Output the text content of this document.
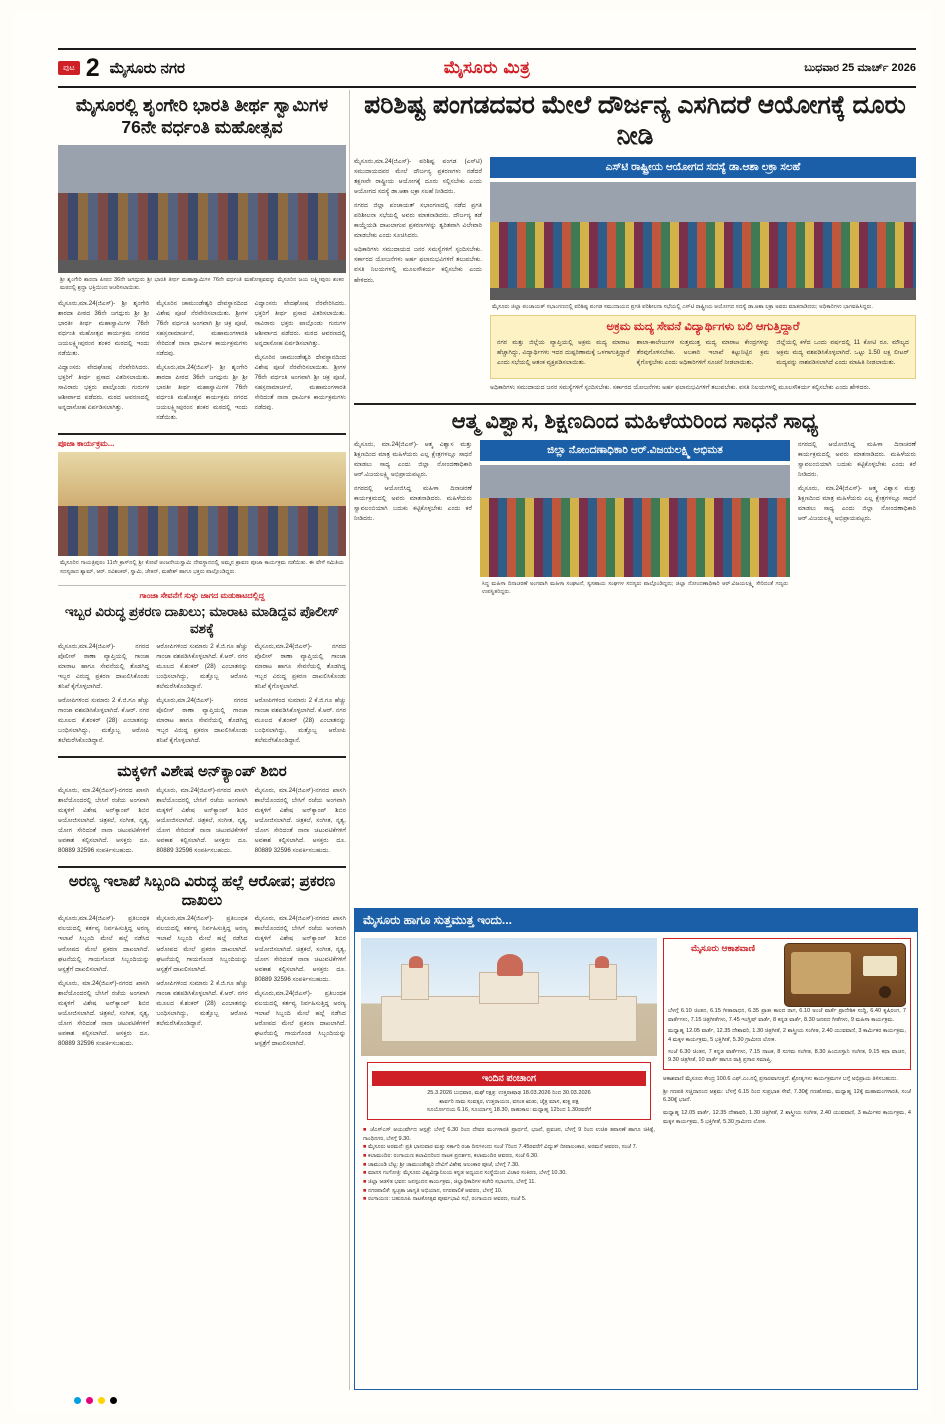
ಪುಟ 2 ಮೈಸೂರು ನಗರ	ಮೈಸೂರು ಮಿತ್ರ	ಬುಧವಾರ 25 ಮಾರ್ಚ್ 2026
ಮೈಸೂರಲ್ಲಿ ಶೃಂಗೇರಿ ಭಾರತಿ ತೀರ್ಥ ಸ್ವಾಮಿಗಳ 76ನೇ ವರ್ಧಂತಿ ಮಹೋತ್ಸವ
ಶ್ರೀ ಶೃಂಗೇರಿ ಶಾರದಾ ಪೀಠದ 36ನೇ ಜಗದ್ಗುರು ಶ್ರೀ ಭಾರತಿ ತೀರ್ಥ ಮಹಾಸ್ವಾಮಿಗಳ 76ನೇ ವರ್ಧಂತಿ ಮಹೋತ್ಸವವನ್ನು ಮೈಸೂರಿನ ಜಯ ಲಕ್ಷ್ಮೀಪುರಂ ಶಂಕರ ಮಠದಲ್ಲಿ ಶ್ರದ್ಧಾ ಭಕ್ತಿಯಿಂದ ಆಚರಿಸಲಾಯಿತು.

ಮೈಸೂರು,ಮಾ.24(ಜಿಎಸ್)- ಶ್ರೀ ಶೃಂಗೇರಿ ಶಾರದಾ ಪೀಠದ 36ನೇ ಜಗದ್ಗುರು ಶ್ರೀ ಶ್ರೀ ಭಾರತೀ ತೀರ್ಥ ಮಹಾಸ್ವಾಮಿಗಳ 76ನೇ ವರ್ಧಂತಿ ಮಹೋತ್ಸವ ಕಾರ್ಯಕ್ರಮ ನಗರದ ಜಯಲಕ್ಷ್ಮೀಪುರಂನ ಶಂಕರ ಮಠದಲ್ಲಿ ಇಂದು ನಡೆಯಿತು.

ವಿದ್ವಾಂಸರು ವೇದಘೋಷ ನೆರವೇರಿಸಿದರು. ಭಕ್ತರಿಗೆ ತೀರ್ಥ ಪ್ರಸಾದ ವಿತರಿಸಲಾಯಿತು. ಸಾವಿರಾರು ಭಕ್ತರು ಪಾಲ್ಗೊಂಡು ಗುರುಗಳ ಆಶೀರ್ವಾದ ಪಡೆದರು. ಮಠದ ಆವರಣದಲ್ಲಿ ಅನ್ನದಾಸೋಹ ಏರ್ಪಡಿಸಲಾಗಿತ್ತು.

ಮೈಸೂರಿನ ಚಾಮುಂಡೇಶ್ವರಿ ದೇವಸ್ಥಾನದಿಂದ ವಿಶೇಷ ಪೂಜೆ ನೆರವೇರಿಸಲಾಯಿತು. ಶ್ರೀಗಳ 76ನೇ ವರ್ಧಂತಿ ಅಂಗವಾಗಿ ಶ್ರೀ ಚಕ್ರ ಪೂಜೆ, ಸಹಸ್ರನಾಮಾರ್ಚನೆ, ಮಹಾಮಂಗಳಾರತಿ ಸೇರಿದಂತೆ ನಾನಾ ಧಾರ್ಮಿಕ ಕಾರ್ಯಕ್ರಮಗಳು ನಡೆದವು.

ಮೈಸೂರು,ಮಾ.24(ಜಿಎಸ್)- ಶ್ರೀ ಶೃಂಗೇರಿ ಶಾರದಾ ಪೀಠದ 36ನೇ ಜಗದ್ಗುರು ಶ್ರೀ ಶ್ರೀ ಭಾರತೀ ತೀರ್ಥ ಮಹಾಸ್ವಾಮಿಗಳ 76ನೇ ವರ್ಧಂತಿ ಮಹೋತ್ಸವ ಕಾರ್ಯಕ್ರಮ ನಗರದ ಜಯಲಕ್ಷ್ಮೀಪುರಂನ ಶಂಕರ ಮಠದಲ್ಲಿ ಇಂದು ನಡೆಯಿತು.

ವಿದ್ವಾಂಸರು ವೇದಘೋಷ ನೆರವೇರಿಸಿದರು. ಭಕ್ತರಿಗೆ ತೀರ್ಥ ಪ್ರಸಾದ ವಿತರಿಸಲಾಯಿತು. ಸಾವಿರಾರು ಭಕ್ತರು ಪಾಲ್ಗೊಂಡು ಗುರುಗಳ ಆಶೀರ್ವಾದ ಪಡೆದರು. ಮಠದ ಆವರಣದಲ್ಲಿ ಅನ್ನದಾಸೋಹ ಏರ್ಪಡಿಸಲಾಗಿತ್ತು.

ಮೈಸೂರಿನ ಚಾಮುಂಡೇಶ್ವರಿ ದೇವಸ್ಥಾನದಿಂದ ವಿಶೇಷ ಪೂಜೆ ನೆರವೇರಿಸಲಾಯಿತು. ಶ್ರೀಗಳ 76ನೇ ವರ್ಧಂತಿ ಅಂಗವಾಗಿ ಶ್ರೀ ಚಕ್ರ ಪೂಜೆ, ಸಹಸ್ರನಾಮಾರ್ಚನೆ, ಮಹಾಮಂಗಳಾರತಿ ಸೇರಿದಂತೆ ನಾನಾ ಧಾರ್ಮಿಕ ಕಾರ್ಯಕ್ರಮಗಳು ನಡೆದವು.

ಪೂಜಾ ಕಾರ್ಯಕ್ರಮ...
ಮೈಸೂರಿನ ಗಾಯತ್ರಿಪುರಂ 11ನೇ ಕ್ರಾಸ್‌ನಲ್ಲಿ ಶ್ರೀ ಕೋಟೆ ಆಂಜನೇಯಸ್ವಾಮಿ ದೇವಸ್ಥಾನದಲ್ಲಿ ಅಮ್ಮನ ಶ್ರಾವಣ ಪೂಜಾ ಕಾರ್ಯಕ್ರಮ ನಡೆಯಿತು. ಈ ವೇಳೆ ಸಮಿತಿಯ ಸದಸ್ಯರಾದ ಶ್ಯಾಮ್, ಆರ್. ರವಿಶಂಕರ್, ಸ್ವಾಮಿ, ಚೇತನ್, ಮಹೇಶ್ ಹಾಗೂ ಭಕ್ತರು ಪಾಲ್ಗೊಂಡಿದ್ದರು.
ಗಾಂಜಾ ಸೇವನೆಗೆ ಸುಳ್ಳು ಜಾಗದ ಮಡುಕಾಟದಲ್ಲಿದ್ದ
ಇಬ್ಬರ ವಿರುದ್ಧ ಪ್ರಕರಣ ದಾಖಲು; ಮಾರಾಟ ಮಾಡಿದ್ದವ ಪೊಲೀಸ್ ವಶಕ್ಕೆ

ಮೈಸೂರು,ಮಾ.24(ಜಿಎಸ್)- ನಗರದ ಪೊಲೀಸ್ ಠಾಣಾ ವ್ಯಾಪ್ತಿಯಲ್ಲಿ ಗಾಂಜಾ ಮಾರಾಟ ಹಾಗೂ ಸೇವನೆಯಲ್ಲಿ ತೊಡಗಿದ್ದ ಇಬ್ಬರ ವಿರುದ್ಧ ಪ್ರಕರಣ ದಾಖಲಿಸಿಕೊಂಡು ತನಿಖೆ ಕೈಗೊಳ್ಳಲಾಗಿದೆ.

ಆರೋಪಿಗಳಿಂದ ಸುಮಾರು 2 ಕೆ.ಜಿ.ಗೂ ಹೆಚ್ಚು ಗಾಂಜಾ ವಶಪಡಿಸಿಕೊಳ್ಳಲಾಗಿದೆ. ಕೆ.ಆರ್. ನಗರ ಮೂಲದ ಕೆ.ಶಂಕರ್ (28) ಎಂಬಾತನನ್ನು ಬಂಧಿಸಲಾಗಿದ್ದು, ಮತ್ತೊಬ್ಬ ಆರೋಪಿ ತಲೆಮರೆಸಿಕೊಂಡಿದ್ದಾನೆ.

ಆರೋಪಿಗಳಿಂದ ಸುಮಾರು 2 ಕೆ.ಜಿ.ಗೂ ಹೆಚ್ಚು ಗಾಂಜಾ ವಶಪಡಿಸಿಕೊಳ್ಳಲಾಗಿದೆ. ಕೆ.ಆರ್. ನಗರ ಮೂಲದ ಕೆ.ಶಂಕರ್ (28) ಎಂಬಾತನನ್ನು ಬಂಧಿಸಲಾಗಿದ್ದು, ಮತ್ತೊಬ್ಬ ಆರೋಪಿ ತಲೆಮರೆಸಿಕೊಂಡಿದ್ದಾನೆ.

ಮೈಸೂರು,ಮಾ.24(ಜಿಎಸ್)- ನಗರದ ಪೊಲೀಸ್ ಠಾಣಾ ವ್ಯಾಪ್ತಿಯಲ್ಲಿ ಗಾಂಜಾ ಮಾರಾಟ ಹಾಗೂ ಸೇವನೆಯಲ್ಲಿ ತೊಡಗಿದ್ದ ಇಬ್ಬರ ವಿರುದ್ಧ ಪ್ರಕರಣ ದಾಖಲಿಸಿಕೊಂಡು ತನಿಖೆ ಕೈಗೊಳ್ಳಲಾಗಿದೆ.

ಮೈಸೂರು,ಮಾ.24(ಜಿಎಸ್)- ನಗರದ ಪೊಲೀಸ್ ಠಾಣಾ ವ್ಯಾಪ್ತಿಯಲ್ಲಿ ಗಾಂಜಾ ಮಾರಾಟ ಹಾಗೂ ಸೇವನೆಯಲ್ಲಿ ತೊಡಗಿದ್ದ ಇಬ್ಬರ ವಿರುದ್ಧ ಪ್ರಕರಣ ದಾಖಲಿಸಿಕೊಂಡು ತನಿಖೆ ಕೈಗೊಳ್ಳಲಾಗಿದೆ.

ಆರೋಪಿಗಳಿಂದ ಸುಮಾರು 2 ಕೆ.ಜಿ.ಗೂ ಹೆಚ್ಚು ಗಾಂಜಾ ವಶಪಡಿಸಿಕೊಳ್ಳಲಾಗಿದೆ. ಕೆ.ಆರ್. ನಗರ ಮೂಲದ ಕೆ.ಶಂಕರ್ (28) ಎಂಬಾತನನ್ನು ಬಂಧಿಸಲಾಗಿದ್ದು, ಮತ್ತೊಬ್ಬ ಆರೋಪಿ ತಲೆಮರೆಸಿಕೊಂಡಿದ್ದಾನೆ.

ಮಕ್ಕಳಿಗೆ ವಿಶೇಷ ಅನ್‌ಕ್ಯಾಂಪ್ ಶಿಬಿರ

ಮೈಸೂರು, ಮಾ.24(ಜಿಎಸ್)-ನಗರದ ಖಾಸಗಿ ಶಾಲೆಯೊಂದರಲ್ಲಿ ಬೇಸಿಗೆ ರಜೆಯ ಅಂಗವಾಗಿ ಮಕ್ಕಳಿಗೆ ವಿಶೇಷ ಅನ್‌ಕ್ಯಾಂಪ್ ಶಿಬಿರ ಆಯೋಜಿಸಲಾಗಿದೆ. ಚಿತ್ರಕಲೆ, ಸಂಗೀತ, ನೃತ್ಯ, ಯೋಗ ಸೇರಿದಂತೆ ನಾನಾ ಚಟುವಟಿಕೆಗಳಿಗೆ ಅವಕಾಶ ಕಲ್ಪಿಸಲಾಗಿದೆ. ಆಸಕ್ತರು ದೂ. 80889 32596 ಸಂಪರ್ಕಿಸಬಹುದು.

ಮೈಸೂರು, ಮಾ.24(ಜಿಎಸ್)-ನಗರದ ಖಾಸಗಿ ಶಾಲೆಯೊಂದರಲ್ಲಿ ಬೇಸಿಗೆ ರಜೆಯ ಅಂಗವಾಗಿ ಮಕ್ಕಳಿಗೆ ವಿಶೇಷ ಅನ್‌ಕ್ಯಾಂಪ್ ಶಿಬಿರ ಆಯೋಜಿಸಲಾಗಿದೆ. ಚಿತ್ರಕಲೆ, ಸಂಗೀತ, ನೃತ್ಯ, ಯೋಗ ಸೇರಿದಂತೆ ನಾನಾ ಚಟುವಟಿಕೆಗಳಿಗೆ ಅವಕಾಶ ಕಲ್ಪಿಸಲಾಗಿದೆ. ಆಸಕ್ತರು ದೂ. 80889 32596 ಸಂಪರ್ಕಿಸಬಹುದು.

ಮೈಸೂರು, ಮಾ.24(ಜಿಎಸ್)-ನಗರದ ಖಾಸಗಿ ಶಾಲೆಯೊಂದರಲ್ಲಿ ಬೇಸಿಗೆ ರಜೆಯ ಅಂಗವಾಗಿ ಮಕ್ಕಳಿಗೆ ವಿಶೇಷ ಅನ್‌ಕ್ಯಾಂಪ್ ಶಿಬಿರ ಆಯೋಜಿಸಲಾಗಿದೆ. ಚಿತ್ರಕಲೆ, ಸಂಗೀತ, ನೃತ್ಯ, ಯೋಗ ಸೇರಿದಂತೆ ನಾನಾ ಚಟುವಟಿಕೆಗಳಿಗೆ ಅವಕಾಶ ಕಲ್ಪಿಸಲಾಗಿದೆ. ಆಸಕ್ತರು ದೂ. 80889 32596 ಸಂಪರ್ಕಿಸಬಹುದು.

ಅರಣ್ಯ ಇಲಾಖೆ ಸಿಬ್ಬಂದಿ ವಿರುದ್ಧ ಹಲ್ಲೆ ಆರೋಪ; ಪ್ರಕರಣ ದಾಖಲು

ಮೈಸೂರು,ಮಾ.24(ಜಿಎಸ್)- ಪ್ರತಿಬಂಧಕ ವಲಯದಲ್ಲಿ ಕರ್ತವ್ಯ ನಿರ್ವಹಿಸುತ್ತಿದ್ದ ಅರಣ್ಯ ಇಲಾಖೆ ಸಿಬ್ಬಂದಿ ಮೇಲೆ ಹಲ್ಲೆ ನಡೆಸಿದ ಆರೋಪದ ಮೇಲೆ ಪ್ರಕರಣ ದಾಖಲಾಗಿದೆ. ಘಟನೆಯಲ್ಲಿ ಗಾಯಗೊಂಡ ಸಿಬ್ಬಂದಿಯನ್ನು ಆಸ್ಪತ್ರೆಗೆ ದಾಖಲಿಸಲಾಗಿದೆ.

ಮೈಸೂರು, ಮಾ.24(ಜಿಎಸ್)-ನಗರದ ಖಾಸಗಿ ಶಾಲೆಯೊಂದರಲ್ಲಿ ಬೇಸಿಗೆ ರಜೆಯ ಅಂಗವಾಗಿ ಮಕ್ಕಳಿಗೆ ವಿಶೇಷ ಅನ್‌ಕ್ಯಾಂಪ್ ಶಿಬಿರ ಆಯೋಜಿಸಲಾಗಿದೆ. ಚಿತ್ರಕಲೆ, ಸಂಗೀತ, ನೃತ್ಯ, ಯೋಗ ಸೇರಿದಂತೆ ನಾನಾ ಚಟುವಟಿಕೆಗಳಿಗೆ ಅವಕಾಶ ಕಲ್ಪಿಸಲಾಗಿದೆ. ಆಸಕ್ತರು ದೂ. 80889 32596 ಸಂಪರ್ಕಿಸಬಹುದು.

ಮೈಸೂರು,ಮಾ.24(ಜಿಎಸ್)- ಪ್ರತಿಬಂಧಕ ವಲಯದಲ್ಲಿ ಕರ್ತವ್ಯ ನಿರ್ವಹಿಸುತ್ತಿದ್ದ ಅರಣ್ಯ ಇಲಾಖೆ ಸಿಬ್ಬಂದಿ ಮೇಲೆ ಹಲ್ಲೆ ನಡೆಸಿದ ಆರೋಪದ ಮೇಲೆ ಪ್ರಕರಣ ದಾಖಲಾಗಿದೆ. ಘಟನೆಯಲ್ಲಿ ಗಾಯಗೊಂಡ ಸಿಬ್ಬಂದಿಯನ್ನು ಆಸ್ಪತ್ರೆಗೆ ದಾಖಲಿಸಲಾಗಿದೆ.

ಆರೋಪಿಗಳಿಂದ ಸುಮಾರು 2 ಕೆ.ಜಿ.ಗೂ ಹೆಚ್ಚು ಗಾಂಜಾ ವಶಪಡಿಸಿಕೊಳ್ಳಲಾಗಿದೆ. ಕೆ.ಆರ್. ನಗರ ಮೂಲದ ಕೆ.ಶಂಕರ್ (28) ಎಂಬಾತನನ್ನು ಬಂಧಿಸಲಾಗಿದ್ದು, ಮತ್ತೊಬ್ಬ ಆರೋಪಿ ತಲೆಮರೆಸಿಕೊಂಡಿದ್ದಾನೆ.

ಮೈಸೂರು, ಮಾ.24(ಜಿಎಸ್)-ನಗರದ ಖಾಸಗಿ ಶಾಲೆಯೊಂದರಲ್ಲಿ ಬೇಸಿಗೆ ರಜೆಯ ಅಂಗವಾಗಿ ಮಕ್ಕಳಿಗೆ ವಿಶೇಷ ಅನ್‌ಕ್ಯಾಂಪ್ ಶಿಬಿರ ಆಯೋಜಿಸಲಾಗಿದೆ. ಚಿತ್ರಕಲೆ, ಸಂಗೀತ, ನೃತ್ಯ, ಯೋಗ ಸೇರಿದಂತೆ ನಾನಾ ಚಟುವಟಿಕೆಗಳಿಗೆ ಅವಕಾಶ ಕಲ್ಪಿಸಲಾಗಿದೆ. ಆಸಕ್ತರು ದೂ. 80889 32596 ಸಂಪರ್ಕಿಸಬಹುದು.

ಮೈಸೂರು,ಮಾ.24(ಜಿಎಸ್)- ಪ್ರತಿಬಂಧಕ ವಲಯದಲ್ಲಿ ಕರ್ತವ್ಯ ನಿರ್ವಹಿಸುತ್ತಿದ್ದ ಅರಣ್ಯ ಇಲಾಖೆ ಸಿಬ್ಬಂದಿ ಮೇಲೆ ಹಲ್ಲೆ ನಡೆಸಿದ ಆರೋಪದ ಮೇಲೆ ಪ್ರಕರಣ ದಾಖಲಾಗಿದೆ. ಘಟನೆಯಲ್ಲಿ ಗಾಯಗೊಂಡ ಸಿಬ್ಬಂದಿಯನ್ನು ಆಸ್ಪತ್ರೆಗೆ ದಾಖಲಿಸಲಾಗಿದೆ.

ಪರಿಶಿಷ್ಟ ಪಂಗಡದವರ ಮೇಲೆ ದೌರ್ಜನ್ಯ ಎಸಗಿದರೆ ಆಯೋಗಕ್ಕೆ ದೂರು ನೀಡಿ

ಮೈಸೂರು,ಮಾ.24(ಜಿಎಸ್)- ಪರಿಶಿಷ್ಟ ಪಂಗಡ (ಎಸ್‌ಟಿ) ಸಮುದಾಯದವರ ಮೇಲೆ ದೌರ್ಜನ್ಯ ಪ್ರಕರಣಗಳು ನಡೆದರೆ ತಕ್ಷಣವೇ ರಾಷ್ಟ್ರೀಯ ಆಯೋಗಕ್ಕೆ ದೂರು ಸಲ್ಲಿಸಬೇಕು ಎಂದು ಆಯೋಗದ ಸದಸ್ಯೆ ಡಾ.ಆಶಾ ಲಕ್ರಾ ಸಲಹೆ ನೀಡಿದರು.

ನಗರದ ಜಿಲ್ಲಾ ಪಂಚಾಯತ್ ಸಭಾಂಗಣದಲ್ಲಿ ನಡೆದ ಪ್ರಗತಿ ಪರಿಶೀಲನಾ ಸಭೆಯಲ್ಲಿ ಅವರು ಮಾತನಾಡಿದರು. ದೌರ್ಜನ್ಯ ತಡೆ ಕಾಯ್ದೆಯಡಿ ದಾಖಲಾಗುವ ಪ್ರಕರಣಗಳನ್ನು ತ್ವರಿತವಾಗಿ ವಿಲೇವಾರಿ ಮಾಡಬೇಕು ಎಂದು ಸೂಚಿಸಿದರು.

ಅಧಿಕಾರಿಗಳು ಸಮುದಾಯದ ಜನರ ಸಮಸ್ಯೆಗಳಿಗೆ ಸ್ಪಂದಿಸಬೇಕು. ಸರ್ಕಾರದ ಯೋಜನೆಗಳು ಅರ್ಹ ಫಲಾನುಭವಿಗಳಿಗೆ ತಲುಪಬೇಕು. ವಸತಿ ನಿಲಯಗಳಲ್ಲಿ ಮೂಲಸೌಕರ್ಯ ಕಲ್ಪಿಸಬೇಕು ಎಂದು ಹೇಳಿದರು.

ಎಸ್‌ಟಿ ರಾಷ್ಟ್ರೀಯ ಆಯೋಗದ ಸದಸ್ಯೆ ಡಾ.ಆಶಾ ಲಕ್ರಾ ಸಲಹೆ
ಮೈಸೂರು ಜಿಲ್ಲಾ ಪಂಚಾಯತ್ ಸಭಾಂಗಣದಲ್ಲಿ ಪರಿಶಿಷ್ಟ ಪಂಗಡ ಸಮುದಾಯದ ಪ್ರಗತಿ ಪರಿಶೀಲನಾ ಸಭೆಯಲ್ಲಿ ಎಸ್‌ಟಿ ರಾಷ್ಟ್ರೀಯ ಆಯೋಗದ ಸದಸ್ಯೆ ಡಾ.ಆಶಾ ಲಕ್ರಾ ಅವರು ಮಾತನಾಡಿದರು; ಅಧಿಕಾರಿಗಳು ಭಾಗವಹಿಸಿದ್ದರು.
ಅಕ್ರಮ ಮದ್ಯ ಸೇವನೆ ವಿದ್ಯಾರ್ಥಿಗಳು ಬಲಿ ಆಗುತ್ತಿದ್ದಾರೆ

ನಗರ ಮತ್ತು ಜಿಲ್ಲೆಯ ವ್ಯಾಪ್ತಿಯಲ್ಲಿ ಅಕ್ರಮ ಮದ್ಯ ಮಾರಾಟ ಹೆಚ್ಚಾಗಿದ್ದು, ವಿದ್ಯಾರ್ಥಿಗಳು ಇದರ ದುಷ್ಪರಿಣಾಮಕ್ಕೆ ಒಳಗಾಗುತ್ತಿದ್ದಾರೆ ಎಂದು ಸಭೆಯಲ್ಲಿ ಆತಂಕ ವ್ಯಕ್ತಪಡಿಸಲಾಯಿತು.

ಶಾಲಾ-ಕಾಲೇಜುಗಳ ಸುತ್ತಮುತ್ತ ಮದ್ಯ ಮಾರಾಟ ಕೇಂದ್ರಗಳನ್ನು ತೆರವುಗೊಳಿಸಬೇಕು. ಅಬಕಾರಿ ಇಲಾಖೆ ಕಟ್ಟುನಿಟ್ಟಿನ ಕ್ರಮ ಕೈಗೊಳ್ಳಬೇಕು ಎಂದು ಅಧಿಕಾರಿಗಳಿಗೆ ಸೂಚನೆ ನೀಡಲಾಯಿತು.

ಜಿಲ್ಲೆಯಲ್ಲಿ ಕಳೆದ ಒಂದು ವರ್ಷದಲ್ಲಿ 11 ಕೋಟಿ ರೂ. ಮೌಲ್ಯದ ಅಕ್ರಮ ಮದ್ಯ ವಶಪಡಿಸಿಕೊಳ್ಳಲಾಗಿದೆ. ಒಟ್ಟು 1.50 ಲಕ್ಷ ಲೀಟರ್ ಮದ್ಯವನ್ನು ನಾಶಪಡಿಸಲಾಗಿದೆ ಎಂದು ಮಾಹಿತಿ ನೀಡಲಾಯಿತು.

ಅಧಿಕಾರಿಗಳು ಸಮುದಾಯದ ಜನರ ಸಮಸ್ಯೆಗಳಿಗೆ ಸ್ಪಂದಿಸಬೇಕು. ಸರ್ಕಾರದ ಯೋಜನೆಗಳು ಅರ್ಹ ಫಲಾನುಭವಿಗಳಿಗೆ ತಲುಪಬೇಕು. ವಸತಿ ನಿಲಯಗಳಲ್ಲಿ ಮೂಲಸೌಕರ್ಯ ಕಲ್ಪಿಸಬೇಕು ಎಂದು ಹೇಳಿದರು.

ಆತ್ಮ ವಿಶ್ವಾಸ, ಶಿಕ್ಷಣದಿಂದ ಮಹಿಳೆಯರಿಂದ ಸಾಧನೆ ಸಾಧ್ಯ

ಮೈಸೂರು, ಮಾ.24(ಜಿಎಸ್)- ಆತ್ಮ ವಿಶ್ವಾಸ ಮತ್ತು ಶಿಕ್ಷಣದಿಂದ ಮಾತ್ರ ಮಹಿಳೆಯರು ಎಲ್ಲ ಕ್ಷೇತ್ರಗಳಲ್ಲೂ ಸಾಧನೆ ಮಾಡಲು ಸಾಧ್ಯ ಎಂದು ಜಿಲ್ಲಾ ನೋಂದಣಾಧಿಕಾರಿ ಆರ್.ವಿಜಯಲಕ್ಷ್ಮಿ ಅಭಿಪ್ರಾಯಪಟ್ಟರು.

ನಗರದಲ್ಲಿ ಆಯೋಜಿಸಿದ್ದ ಮಹಿಳಾ ದಿನಾಚರಣೆ ಕಾರ್ಯಕ್ರಮದಲ್ಲಿ ಅವರು ಮಾತನಾಡಿದರು. ಮಹಿಳೆಯರು ಸ್ವಾವಲಂಬಿಯಾಗಿ ಬದುಕು ಕಟ್ಟಿಕೊಳ್ಳಬೇಕು ಎಂದು ಕರೆ ನೀಡಿದರು.

ಜಿಲ್ಲಾ ನೋಂದಣಾಧಿಕಾರಿ ಆರ್.ವಿಜಯಲಕ್ಷ್ಮಿ ಅಭಿಮತ
ಸಿದ್ಧ ಮಹಿಳಾ ದಿನಾಚರಣೆ ಅಂಗವಾಗಿ ಮಹಿಳಾ ಸಂಘಟನೆ, ಸ್ವಸಹಾಯ ಸಂಘಗಳ ಸದಸ್ಯರು ಪಾಲ್ಗೊಂಡಿದ್ದರು; ಜಿಲ್ಲಾ ನೋಂದಣಾಧಿಕಾರಿ ಆರ್.ವಿಜಯಲಕ್ಷ್ಮಿ ಸೇರಿದಂತೆ ಗಣ್ಯರು ಉಪಸ್ಥಿತರಿದ್ದರು.

ನಗರದಲ್ಲಿ ಆಯೋಜಿಸಿದ್ದ ಮಹಿಳಾ ದಿನಾಚರಣೆ ಕಾರ್ಯಕ್ರಮದಲ್ಲಿ ಅವರು ಮಾತನಾಡಿದರು. ಮಹಿಳೆಯರು ಸ್ವಾವಲಂಬಿಯಾಗಿ ಬದುಕು ಕಟ್ಟಿಕೊಳ್ಳಬೇಕು ಎಂದು ಕರೆ ನೀಡಿದರು.

ಮೈಸೂರು, ಮಾ.24(ಜಿಎಸ್)- ಆತ್ಮ ವಿಶ್ವಾಸ ಮತ್ತು ಶಿಕ್ಷಣದಿಂದ ಮಾತ್ರ ಮಹಿಳೆಯರು ಎಲ್ಲ ಕ್ಷೇತ್ರಗಳಲ್ಲೂ ಸಾಧನೆ ಮಾಡಲು ಸಾಧ್ಯ ಎಂದು ಜಿಲ್ಲಾ ನೋಂದಣಾಧಿಕಾರಿ ಆರ್.ವಿಜಯಲಕ್ಷ್ಮಿ ಅಭಿಪ್ರಾಯಪಟ್ಟರು.

ಮೈಸೂರು ಹಾಗೂ ಸುತ್ತಮುತ್ತ ಇಂದು...
ಇಂದಿನ ಪಂಚಾಂಗ
25.3.2026 ಬುಧವಾರ, ಮಘೆ ನಕ್ಷತ್ರ: ಉತ್ತರಾಷಾಢ 18.03.2026 ರಿಂದ 30.03.2026
ಶಾರ್ವರಿ ನಾಮ ಸಂವತ್ಸರ, ಉತ್ತರಾಯಣ, ವಸಂತ ಋತು, ಚೈತ್ರ ಮಾಸ, ಶುಕ್ಲ ಪಕ್ಷ
ಸೂರ್ಯೋದಯ 6.16, ಸೂರ್ಯಾಸ್ತ 18.30, ರಾಹುಕಾಲ: ಮಧ್ಯಾಹ್ನ 12ರಿಂದ 1.30ರವರೆಗೆ
■ ಜೆಎಸ್‌ಎಸ್ ಆಯುರ್ವೇದ ಆಸ್ಪತ್ರೆ: ಬೆಳಗ್ಗೆ 6.30 ರಿಂದ ದೇವರ ಮಂಗಳಾರತಿ ಪ್ರಾರ್ಥನೆ, ಭಜನೆ, ಪ್ರವಚನ, ಬೆಳಗ್ಗೆ 9 ರಿಂದ ಉಚಿತ ತಪಾಸಣೆ ಹಾಗೂ ಚಿಕಿತ್ಸೆ, ಗಾಂಧಿನಗರ, ಬೆಳಗ್ಗೆ 9.30.
■ ಮೈಸೂರು ಅರಮನೆ: ಪ್ರತಿ ಭಾನುವಾರ ಮತ್ತು ಸರ್ಕಾರಿ ರಜಾ ದಿನಗಳಂದು ಸಂಜೆ 7ರಿಂದ 7.45ರವರೆಗೆ ವಿದ್ಯುತ್ ದೀಪಾಲಂಕಾರ, ಅರಮನೆ ಆವರಣ, ಸಂಜೆ 7.
■ ಕಲಾಮಂದಿರ: ರಂಗಾಯಣ ಕಲಾವಿದರಿಂದ ನಾಟಕ ಪ್ರದರ್ಶನ, ಕಲಾಮಂದಿರ ಆವರಣ, ಸಂಜೆ 6.30.
■ ಚಾಮುಂಡಿ ಬೆಟ್ಟ: ಶ್ರೀ ಚಾಮುಂಡೇಶ್ವರಿ ದೇವಿಗೆ ವಿಶೇಷ ಅಲಂಕಾರ ಪೂಜೆ, ಬೆಳಗ್ಗೆ 7.30.
■ ಮಾನಸ ಗಂಗೋತ್ರಿ: ಮೈಸೂರು ವಿಶ್ವವಿದ್ಯಾನಿಲಯ ಕನ್ನಡ ಅಧ್ಯಯನ ಸಂಸ್ಥೆಯಿಂದ ವಿಚಾರ ಸಂಕಿರಣ, ಬೆಳಗ್ಗೆ 10.30.
■ ಜಿಲ್ಲಾ ಆಡಳಿತ ಭವನ: ಜನಸ್ಪಂದನ ಕಾರ್ಯಕ್ರಮ, ಜಿಲ್ಲಾಧಿಕಾರಿಗಳ ಕಚೇರಿ ಸಭಾಂಗಣ, ಬೆಳಗ್ಗೆ 11.
■ ನಗರಪಾಲಿಕೆ: ಸ್ವಚ್ಛತಾ ಜಾಗೃತಿ ಅಭಿಯಾನ, ನಗರಪಾಲಿಕೆ ಆವರಣ, ಬೆಳಗ್ಗೆ 10.
■ ರಂಗಾಯಣ: ಬಹುರೂಪಿ ನಾಟಕೋತ್ಸವ ಪೂರ್ವಭಾವಿ ಸಭೆ, ರಂಗಾಯಣ ಆವರಣ, ಸಂಜೆ 5.
ಮೈಸೂರು ಆಕಾಶವಾಣಿ
ಬೆಳಗ್ಗೆ 6.10 ಚಿಂತನ, 6.15 ಗೀತಾರಾಧನ, 6.35 ಪ್ರಾತಃ ಕಾಲದ ರಾಗ, 6.10 ಅಂಚೆ ವಾರ್ತೆ ಪ್ರಾದೇಶಿಕ ಸುದ್ದಿ, 6.40 ಕೃಷಿರಂಗ, 7 ವಾರ್ತೆಗಳು, 7.15 ಚಿತ್ರಗೀತೆಗಳು, 7.45 ಇಂಗ್ಲಿಷ್ ವಾರ್ತೆ, 8 ಕನ್ನಡ ವಾರ್ತೆ, 8.30 ಜನಪದ ಗೀತೆಗಳು, 9 ಮಹಿಳಾ ಕಾರ್ಯಕ್ರಮ.
ಮಧ್ಯಾಹ್ನ 12.05 ವಾರ್ತೆ, 12.35 ದೇಶಾವರಿ, 1.30 ಚಿತ್ರಗೀತೆ, 2 ಶಾಸ್ತ್ರೀಯ ಸಂಗೀತ, 2.40 ಯುವವಾಣಿ, 3 ಕಾರ್ಮಿಕರ ಕಾರ್ಯಕ್ರಮ, 4 ಮಕ್ಕಳ ಕಾರ್ಯಕ್ರಮ, 5 ಭಕ್ತಿಗೀತೆ, 5.30 ಗ್ರಾಮೀಣ ಲೋಕ.
ಸಂಜೆ 6.30 ಚಿಂತನ, 7 ಕನ್ನಡ ವಾರ್ತೆಗಳು, 7.15 ನಾಟಕ, 8 ಸುಗಮ ಸಂಗೀತ, 8.30 ಹಿಂದೂಸ್ತಾನಿ ಸಂಗೀತ, 9.15 ಕಥಾ ವಾಚನ, 9.30 ಚಿತ್ರಗೀತೆ, 10 ವಾರ್ತೆ ಹಾಗೂ ರಾತ್ರಿ ಪ್ರಸಾರ ಸಮಾಪ್ತಿ.
ಆಕಾಶವಾಣಿ ಮೈಸೂರು ಕೇಂದ್ರ 100.6 ಎಫ್.ಎಂ.ನಲ್ಲಿ ಪ್ರಸಾರವಾಗುತ್ತದೆ. ಶ್ರೋತೃಗಳು ಕಾರ್ಯಕ್ರಮಗಳ ಬಗ್ಗೆ ಅಭಿಪ್ರಾಯ ತಿಳಿಸಬಹುದು.
ಶ್ರೀ ಗಣಪತಿ ಸಚ್ಚಿದಾನಂದ ಆಶ್ರಮ: ಬೆಳಗ್ಗೆ 6.15 ರಿಂದ ಸುಪ್ರಭಾತ ಸೇವೆ, 7.30ಕ್ಕೆ ಗಣಹೋಮ, ಮಧ್ಯಾಹ್ನ 12ಕ್ಕೆ ಮಹಾಮಂಗಳಾರತಿ, ಸಂಜೆ 6.30ಕ್ಕೆ ಭಜನೆ.
ಮಧ್ಯಾಹ್ನ 12.05 ವಾರ್ತೆ, 12.35 ದೇಶಾವರಿ, 1.30 ಚಿತ್ರಗೀತೆ, 2 ಶಾಸ್ತ್ರೀಯ ಸಂಗೀತ, 2.40 ಯುವವಾಣಿ, 3 ಕಾರ್ಮಿಕರ ಕಾರ್ಯಕ್ರಮ, 4 ಮಕ್ಕಳ ಕಾರ್ಯಕ್ರಮ, 5 ಭಕ್ತಿಗೀತೆ, 5.30 ಗ್ರಾಮೀಣ ಲೋಕ.
